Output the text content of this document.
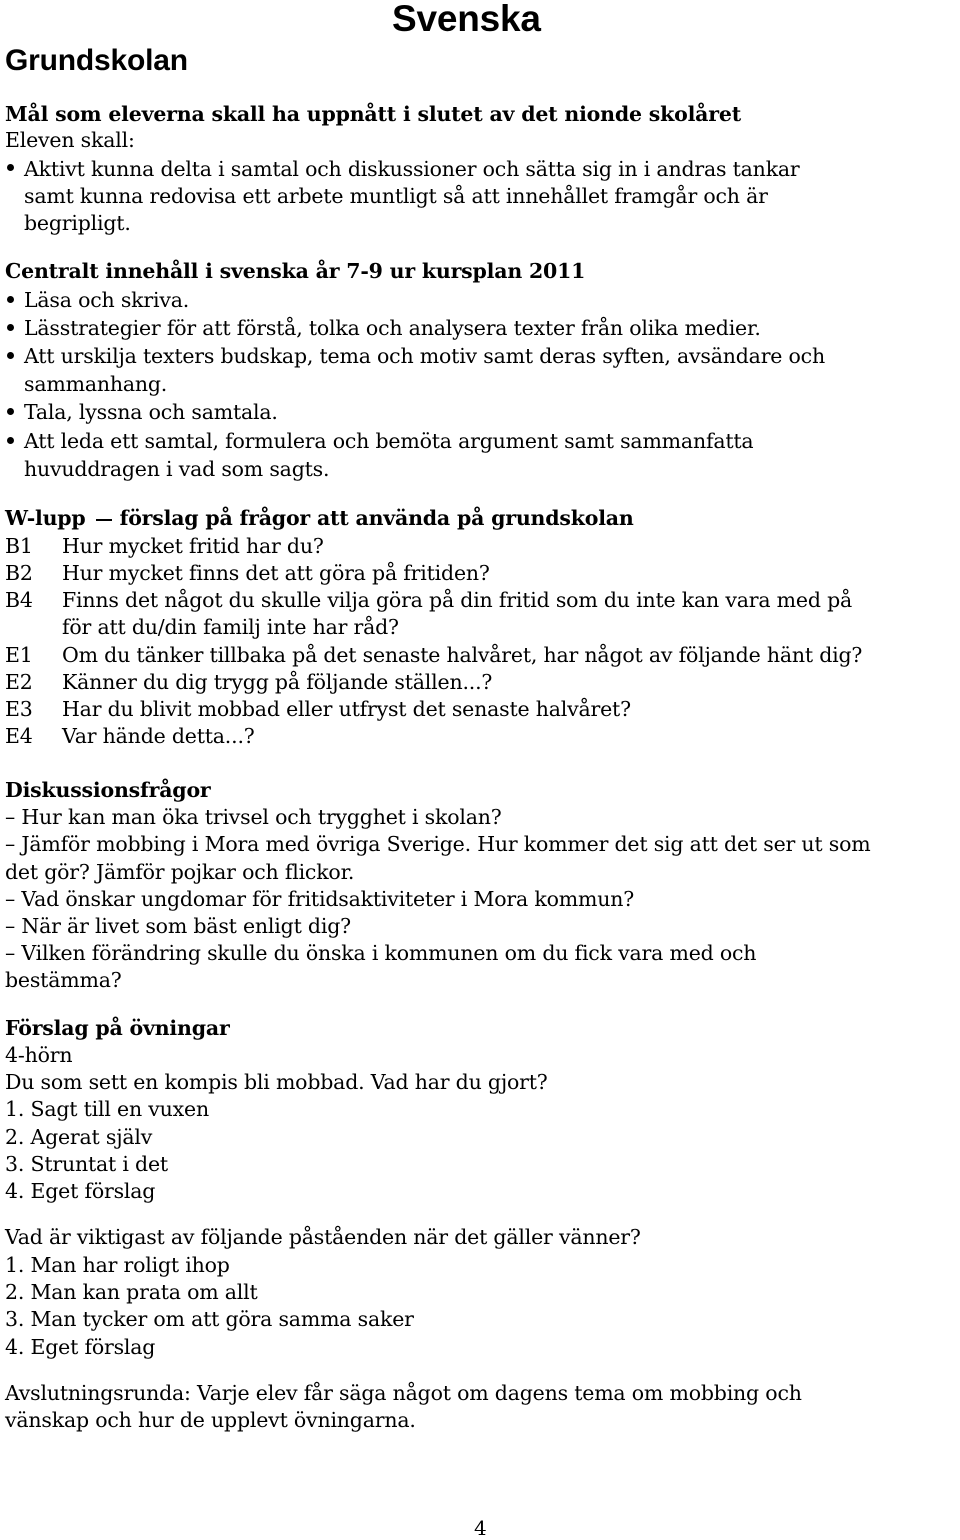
Svenska
Grundskolan
Mål som eleverna skall ha uppnått i slutet av det nionde skolåret
Eleven skall:
Aktivt kunna delta i samtal och diskussioner och sätta sig in i andras tankar
samt kunna redovisa ett arbete muntligt så att innehållet framgår och är
begripligt.
Centralt innehåll i svenska år 7-9 ur kursplan 2011
Läsa och skriva.
Lässtrategier för att förstå, tolka och analysera texter från olika medier.
Att urskilja texters budskap, tema och motiv samt deras syften, avsändare och
sammanhang.
Tala, lyssna och samtala.
Att leda ett samtal, formulera och bemöta argument samt sammanfatta
huvuddragen i vad som sagts.
W-lupp förslag på frågor att använda på grundskolan
B1 Hur mycket fritid har du?
B2 Hur mycket finns det att göra på fritiden?
B4 Finns det något du skulle vilja göra på din fritid som du inte kan vara med på
för att du/din familj inte har råd?
E1 Om du tänker tillbaka på det senaste halvåret, har något av följande hänt dig?
E2 Känner du dig trygg på följande ställen...?
E3 Har du blivit mobbad eller utfryst det senaste halvåret?
E4 Var hände detta...?
Diskussionsfrågor
– Hur kan man öka trivsel och trygghet i skolan?
– Jämför mobbing i Mora med övriga Sverige. Hur kommer det sig att det ser ut som
det gör? Jämför pojkar och flickor.
– Vad önskar ungdomar för fritidsaktiviteter i Mora kommun?
– När är livet som bäst enligt dig?
– Vilken förändring skulle du önska i kommunen om du fick vara med och
bestämma?
Förslag på övningar
4-hörn
Du som sett en kompis bli mobbad. Vad har du gjort?
1. Sagt till en vuxen
2. Agerat själv
3. Struntat i det
4. Eget förslag
Vad är viktigast av följande påståenden när det gäller vänner?
1. Man har roligt ihop
2. Man kan prata om allt
3. Man tycker om att göra samma saker
4. Eget förslag
Avslutningsrunda: Varje elev får säga något om dagens tema om mobbing och
vänskap och hur de upplevt övningarna.
4
